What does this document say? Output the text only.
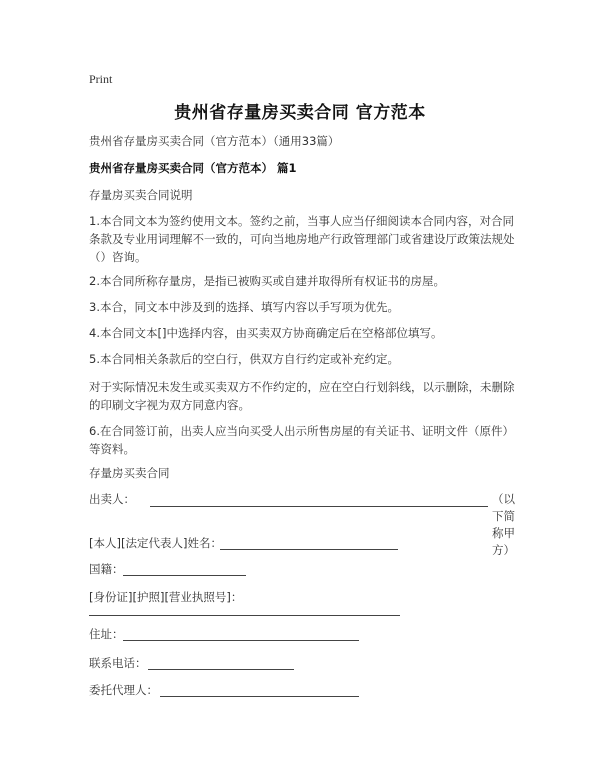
Print
贵州省存量房买卖合同 官方范本
贵州省存量房买卖合同（官方范本）（通用33篇）
贵州省存量房买卖合同（官方范本） 篇1
存量房买卖合同说明
1.本合同文本为签约使用文本。签约之前，当事人应当仔细阅读本合同内容，对合同条款及专业用词理解不一致的，可向当地房地产行政管理部门或省建设厅政策法规处（）咨询。
2.本合同所称存量房，是指已被购买或自建并取得所有权证书的房屋。
3.本合，同文本中涉及到的选择、填写内容以手写项为优先。
4.本合同文本[]中选择内容，由买卖双方协商确定后在空格部位填写。
5.本合同相关条款后的空白行，供双方自行约定或补充约定。
对于实际情况未发生或买卖双方不作约定的，应在空白行划斜线，以示删除，未删除的印刷文字视为双方同意内容。
6.在合同签订前，出卖人应当向买受人出示所售房屋的有关证书、证明文件（原件）等资料。
存量房买卖合同
出卖人：	（以下简称甲方）
[本人][法定代表人]姓名：
国籍：
[身份证][护照][营业执照号]：
住址：
联系电话：
委托代理人：
